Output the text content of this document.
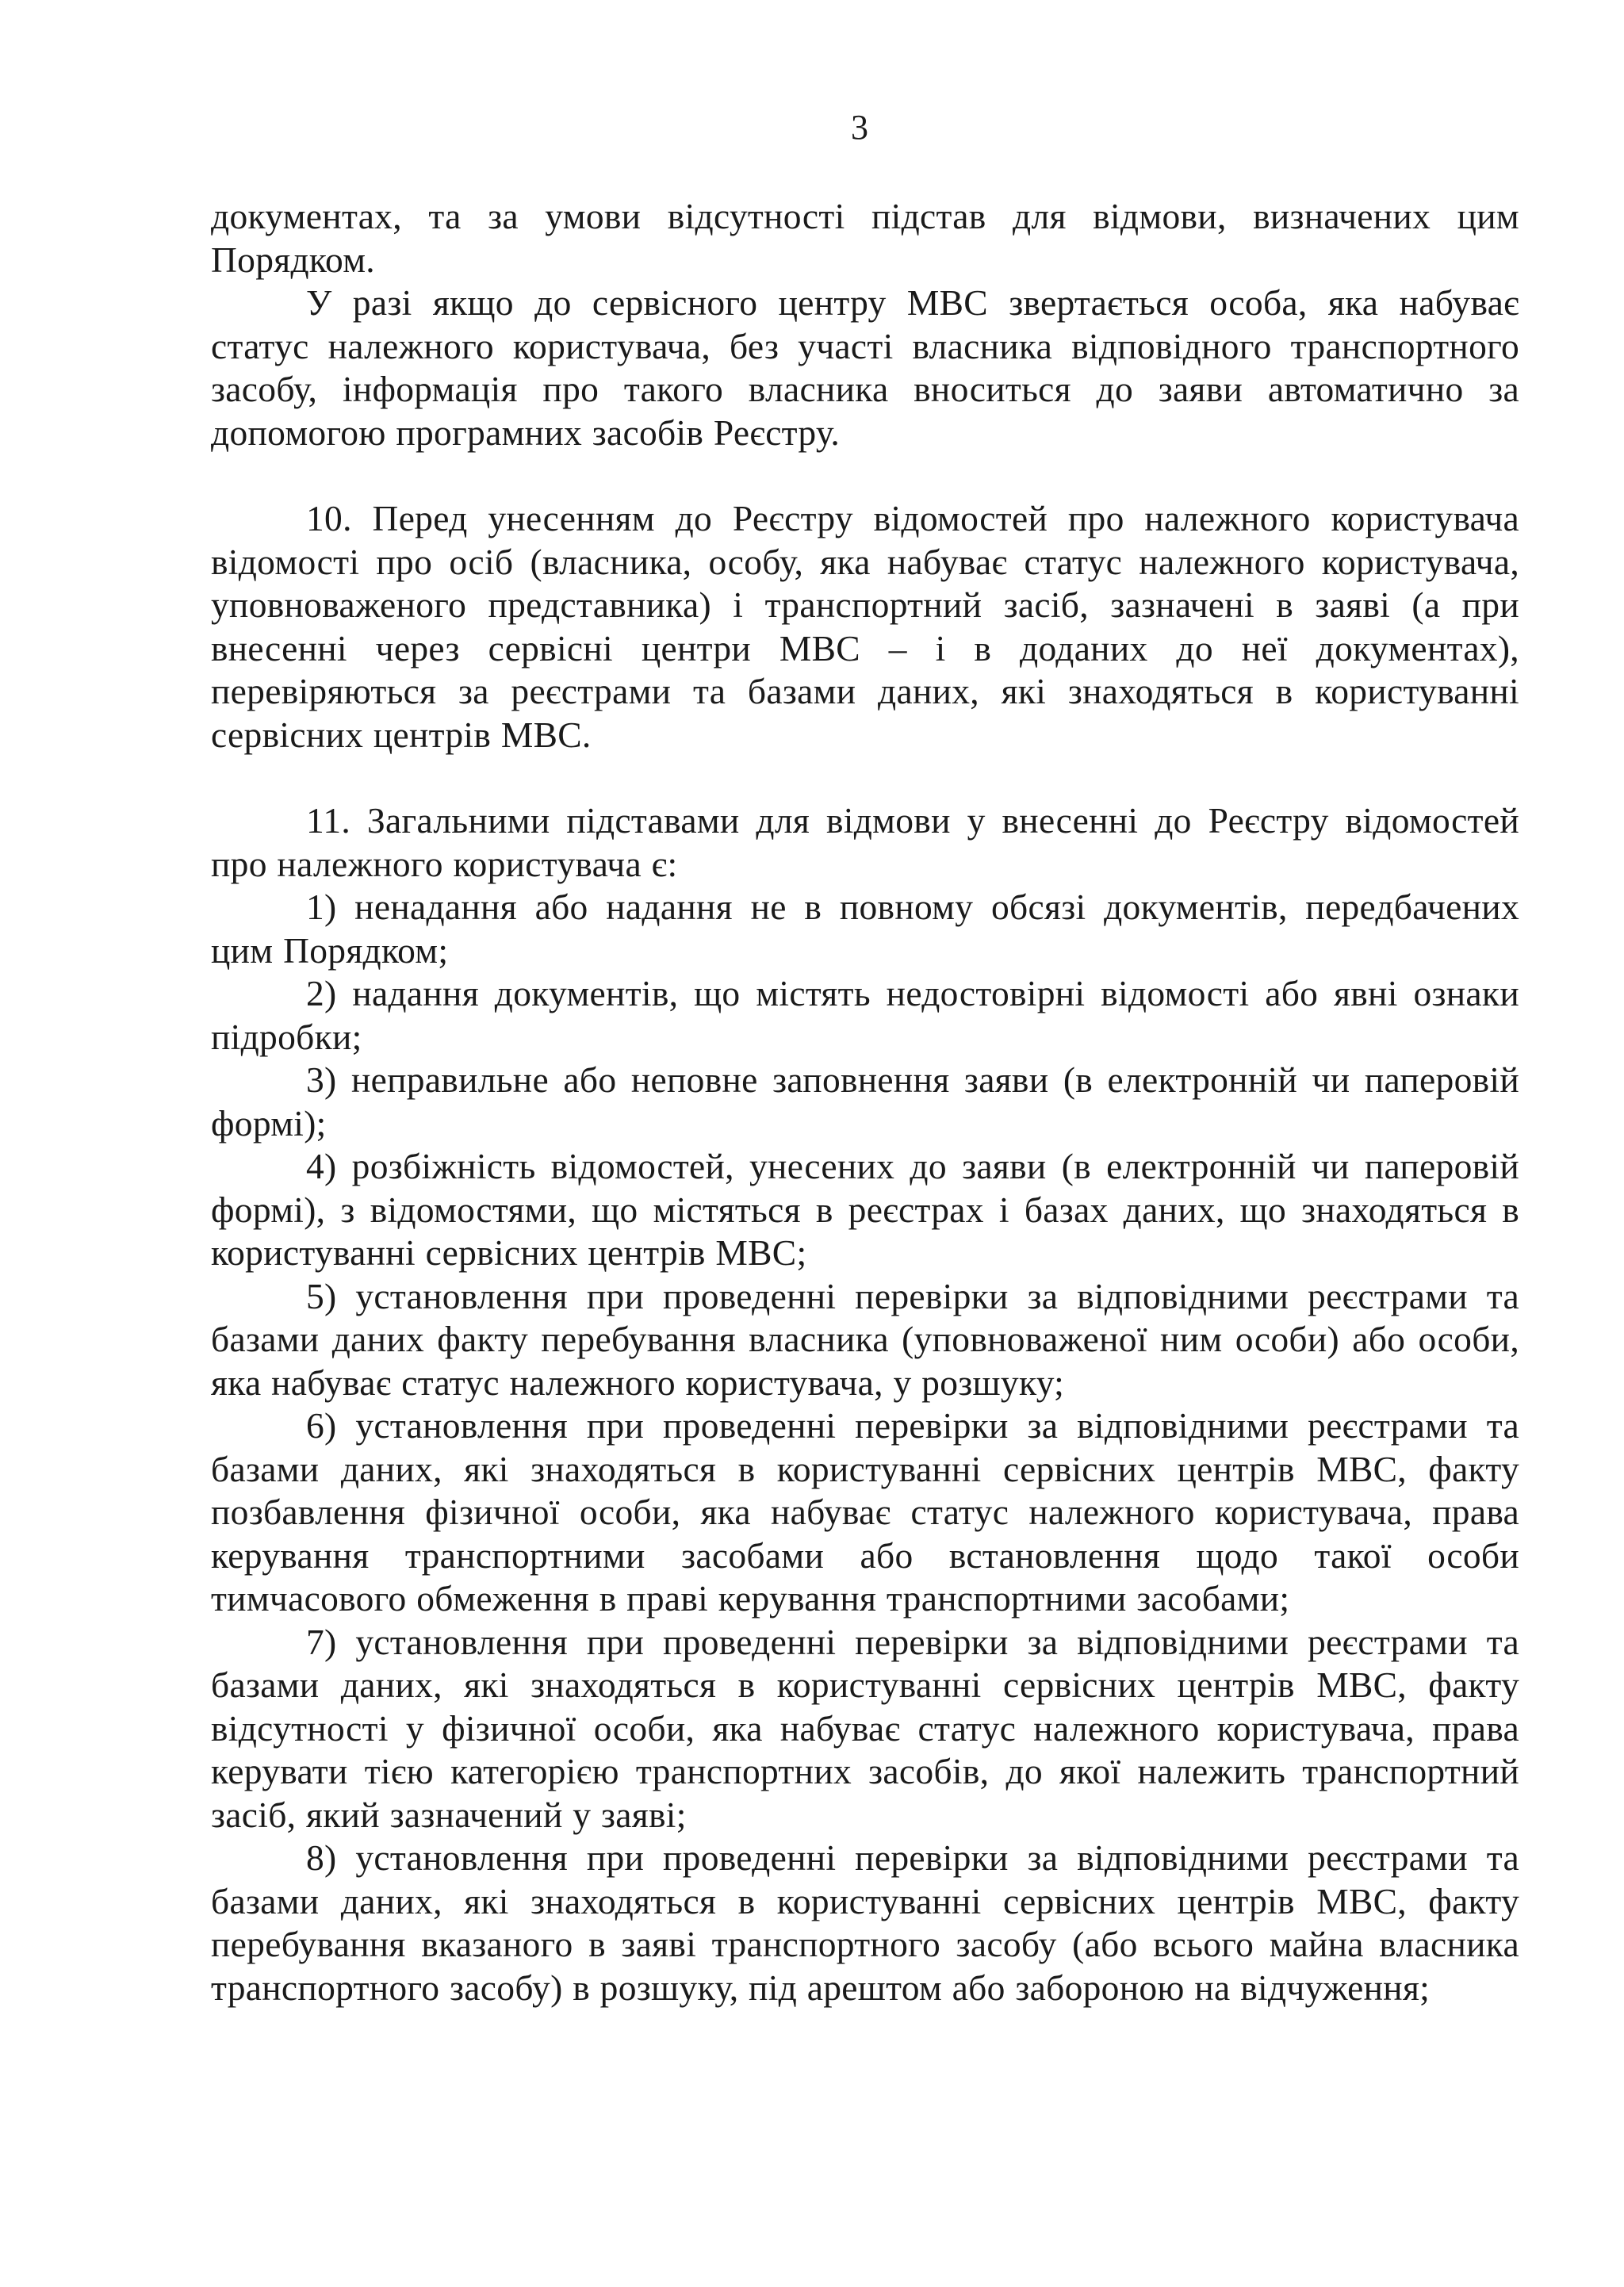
3

документах, та за умови відсутності підстав для відмови, визначених цим Порядком.

У разі якщо до сервісного центру МВС звертається особа, яка набуває статус належного користувача, без участі власника відповідного транспортного засобу, інформація про такого власника вноситься до заяви автоматично за допомогою програмних засобів Реєстру.

10. Перед унесенням до Реєстру відомостей про належного користувача відомості про осіб (власника, особу, яка набуває статус належного користувача, уповноваженого представника) і транспортний засіб, зазначені в заяві (а при внесенні через сервісні центри МВС – і в доданих до неї документах), перевіряються за реєстрами та базами даних, які знаходяться в користуванні сервісних центрів МВС.

11. Загальними підставами для відмови у внесенні до Реєстру відомостей про належного користувача є:

1) ненадання або надання не в повному обсязі документів, передбачених цим Порядком;

2) надання документів, що містять недостовірні відомості або явні ознаки підробки;

3) неправильне або неповне заповнення заяви (в електронній чи паперовій формі);

4) розбіжність відомостей, унесених до заяви (в електронній чи паперовій формі), з відомостями, що містяться в реєстрах і базах даних, що знаходяться в користуванні сервісних центрів МВС;

5) установлення при проведенні перевірки за відповідними реєстрами та базами даних факту перебування власника (уповноваженої ним особи) або особи, яка набуває статус належного користувача, у розшуку;

6) установлення при проведенні перевірки за відповідними реєстрами та базами даних, які знаходяться в користуванні сервісних центрів МВС, факту позбавлення фізичної особи, яка набуває статус належного користувача, права керування транспортними засобами або встановлення щодо такої особи тимчасового обмеження в праві керування транспортними засобами;

7) установлення при проведенні перевірки за відповідними реєстрами та базами даних, які знаходяться в користуванні сервісних центрів МВС, факту відсутності у фізичної особи, яка набуває статус належного користувача, права керувати тією категорією транспортних засобів, до якої належить транспортний засіб, який зазначений у заяві;

8) установлення при проведенні перевірки за відповідними реєстрами та базами даних, які знаходяться в користуванні сервісних центрів МВС, факту перебування вказаного в заяві транспортного засобу (або всього майна власника транспортного засобу) в розшуку, під арештом або забороною на відчуження;
